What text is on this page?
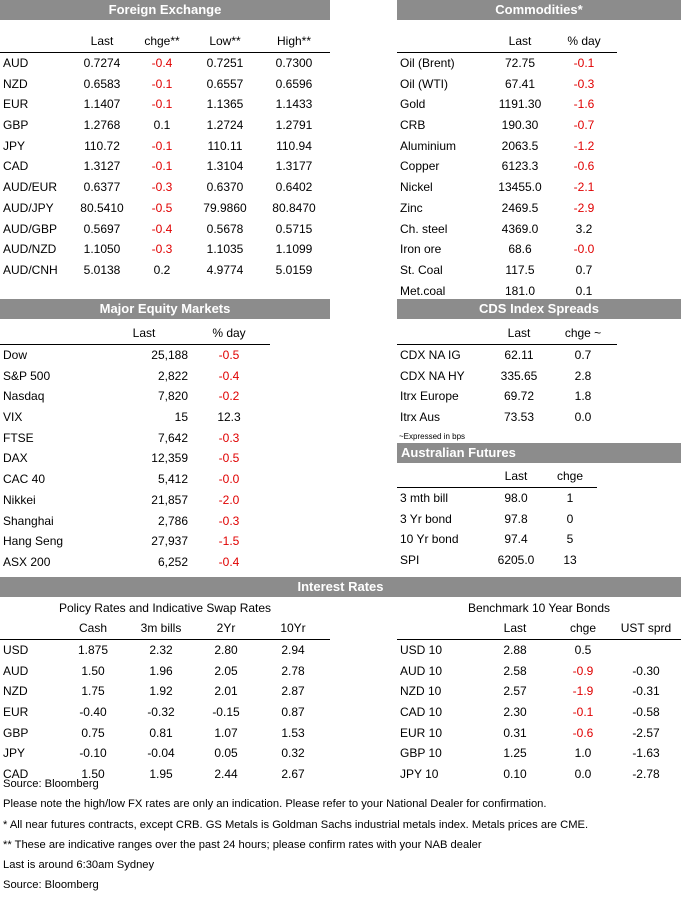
Foreign Exchange
	Last	chge**	Low**	High**
AUD	0.7274	-0.4	0.7251	0.7300
NZD	0.6583	-0.1	0.6557	0.6596
EUR	1.1407	-0.1	1.1365	1.1433
GBP	1.2768	0.1	1.2724	1.2791
JPY	110.72	-0.1	110.11	110.94
CAD	1.3127	-0.1	1.3104	1.3177
AUD/EUR	0.6377	-0.3	0.6370	0.6402
AUD/JPY	80.5410	-0.5	79.9860	80.8470
AUD/GBP	0.5697	-0.4	0.5678	0.5715
AUD/NZD	1.1050	-0.3	1.1035	1.1099
AUD/CNH	5.0138	0.2	4.9774	5.0159
Commodities*
	Last	% day
Oil (Brent)	72.75	-0.1
Oil (WTI)	67.41	-0.3
Gold	1191.30	-1.6
CRB	190.30	-0.7
Aluminium	2063.5	-1.2
Copper	6123.3	-0.6
Nickel	13455.0	-2.1
Zinc	2469.5	-2.9
Ch. steel	4369.0	3.2
Iron ore	68.6	-0.0
St. Coal	117.5	0.7
Met.coal	181.0	0.1
Major Equity Markets
	Last	% day
Dow	25,188	-0.5
S&P 500	2,822	-0.4
Nasdaq	7,820	-0.2
VIX	15	12.3
FTSE	7,642	-0.3
DAX	12,359	-0.5
CAC 40	5,412	-0.0
Nikkei	21,857	-2.0
Shanghai	2,786	-0.3
Hang Seng	27,937	-1.5
ASX 200	6,252	-0.4
CDS Index Spreads
	Last	chge ~
CDX NA IG	62.11	0.7
CDX NA HY	335.65	2.8
Itrx Europe	69.72	1.8
Itrx Aus	73.53	0.0
~Expressed in bps
Australian Futures
	Last	chge
3 mth bill	98.0	1
3 Yr bond	97.8	0
10 Yr bond	97.4	5
SPI	6205.0	13
Interest Rates
Policy Rates and Indicative Swap Rates
	Cash	3m bills	2Yr	10Yr
USD	1.875	2.32	2.80	2.94
AUD	1.50	1.96	2.05	2.78
NZD	1.75	1.92	2.01	2.87
EUR	-0.40	-0.32	-0.15	0.87
GBP	0.75	0.81	1.07	1.53
JPY	-0.10	-0.04	0.05	0.32
CAD	1.50	1.95	2.44	2.67
Benchmark 10 Year Bonds
	Last	chge	UST sprd
USD 10	2.88	0.5	
AUD 10	2.58	-0.9	-0.30
NZD 10	2.57	-1.9	-0.31
CAD 10	2.30	-0.1	-0.58
EUR 10	0.31	-0.6	-2.57
GBP 10	1.25	1.0	-1.63
JPY 10	0.10	0.0	-2.78
Source: Bloomberg
Please note the high/low FX rates are only an indication. Please refer to your National Dealer for confirmation.
* All near futures contracts, except CRB. GS Metals is Goldman Sachs industrial metals index. Metals prices are CME.
** These are indicative ranges over the past 24 hours; please confirm rates with your NAB dealer
Last is around 6:30am Sydney
Source: Bloomberg
